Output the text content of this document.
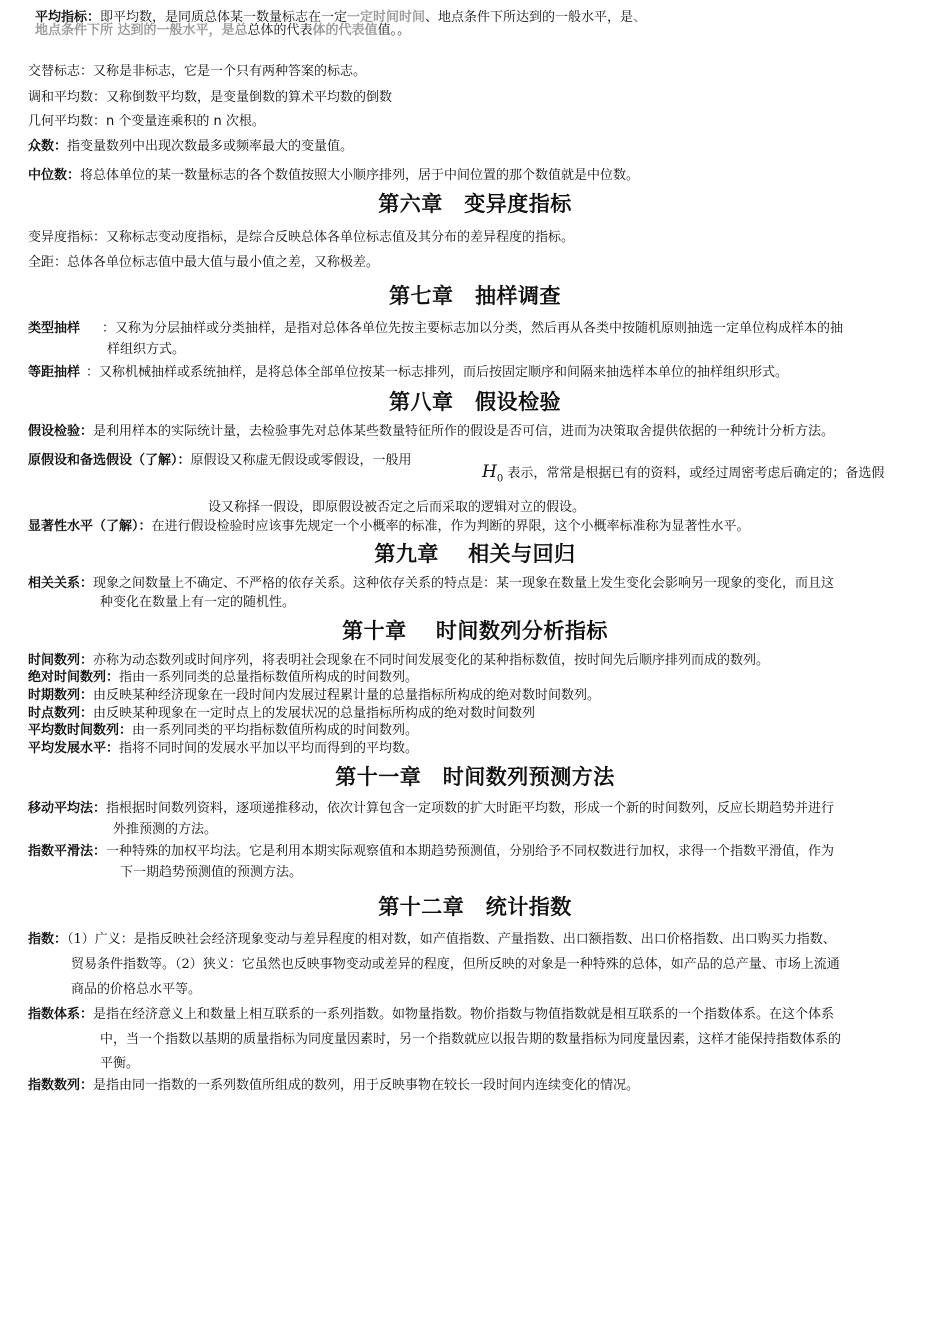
平均指标：即平均数，是同质总体某一数量标志在一定一定时间时间、地点条件下所达到的一般水平，是、
地点条件下所 达到的一般水平，是总总体的代表体的代表值值。。
交替标志：又称是非标志，它是一个只有两种答案的标志。
调和平均数：又称倒数平均数，是变量倒数的算术平均数的倒数
几何平均数：n 个变量连乘积的 n 次根。
众数：指变量数列中出现次数最多或频率最大的变量值。
中位数：将总体单位的某一数量标志的各个数值按照大小顺序排列，居于中间位置的那个数值就是中位数。
第六章　变异度指标
变异度指标：又称标志变动度指标，是综合反映总体各单位标志值及其分布的差异程度的指标。
全距：总体各单位标志值中最大值与最小值之差，又称极差。
第七章　抽样调查
类型抽样 ：又称为分层抽样或分类抽样，是指对总体各单位先按主要标志加以分类，然后再从各类中按随机原则抽选一定单位构成样本的抽
样组织方式。
等距抽样 ：又称机械抽样或系统抽样，是将总体全部单位按某一标志排列，而后按固定顺序和间隔来抽选样本单位的抽样组织形式。
第八章　假设检验
假设检验：是利用样本的实际统计量，去检验事先对总体某些数量特征所作的假设是否可信，进而为决策取舍提供依据的一种统计分析方法。
原假设和备选假设（了解）：原假设又称虚无假设或零假设，一般用
$H_0$ 表示，常常是根据已有的资料，或经过周密考虑后确定的；备选假
设又称择一假设，即原假设被否定之后而采取的逻辑对立的假设。
显著性水平（了解）：在进行假设检验时应该事先规定一个小概率的标准，作为判断的界限，这个小概率标准称为显著性水平。
第九章　 相关与回归
相关关系：现象之间数量上不确定、不严格的依存关系。这种依存关系的特点是：某一现象在数量上发生变化会影响另一现象的变化，而且这
种变化在数量上有一定的随机性。
第十章　 时间数列分析指标
时间数列：亦称为动态数列或时间序列，将表明社会现象在不同时间发展变化的某种指标数值，按时间先后顺序排列而成的数列。
绝对时间数列：指由一系列同类的总量指标数值所构成的时间数列。
时期数列：由反映某种经济现象在一段时间内发展过程累计量的总量指标所构成的绝对数时间数列。
时点数列：由反映某种现象在一定时点上的发展状况的总量指标所构成的绝对数时间数列
平均数时间数列：由一系列同类的平均指标数值所构成的时间数列。
平均发展水平：指将不同时间的发展水平加以平均而得到的平均数。
第十一章　时间数列预测方法
移动平均法：指根据时间数列资料，逐项递推移动，依次计算包含一定项数的扩大时距平均数，形成一个新的时间数列，反应长期趋势并进行
外推预测的方法。
指数平滑法：一种特殊的加权平均法。它是利用本期实际观察值和本期趋势预测值，分别给予不同权数进行加权，求得一个指数平滑值，作为
下一期趋势预测值的预测方法。
第十二章　统计指数
指数：（1）广义：是指反映社会经济现象变动与差异程度的相对数，如产值指数、产量指数、出口额指数、出口价格指数、出口购买力指数、
贸易条件指数等。（2）狭义：它虽然也反映事物变动或差异的程度，但所反映的对象是一种特殊的总体，如产品的总产量、市场上流通
商品的价格总水平等。
指数体系：是指在经济意义上和数量上相互联系的一系列指数。如物量指数。物价指数与物值指数就是相互联系的一个指数体系。在这个体系
中，当一个指数以基期的质量指标为同度量因素时，另一个指数就应以报告期的数量指标为同度量因素，这样才能保持指数体系的
平衡。
指数数列：是指由同一指数的一系列数值所组成的数列，用于反映事物在较长一段时间内连续变化的情况。
